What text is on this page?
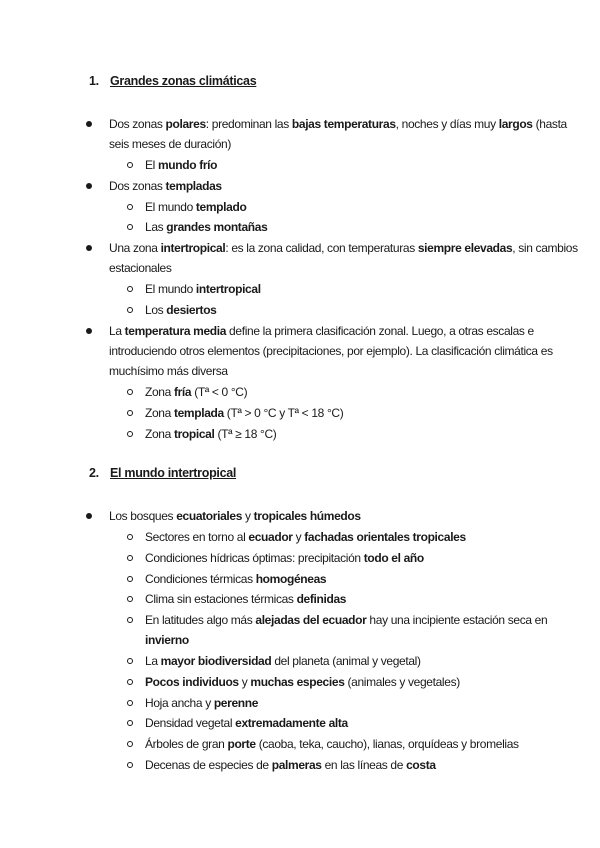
1. Grandes zonas climáticas
Dos zonas polares: predominan las bajas temperaturas, noches y días muy largos (hasta
seis meses de duración)
El mundo frío
Dos zonas templadas
El mundo templado
Las grandes montañas
Una zona intertropical: es la zona calidad, con temperaturas siempre elevadas, sin cambios
estacionales
El mundo intertropical
Los desiertos
La temperatura media define la primera clasificación zonal. Luego, a otras escalas e
introduciendo otros elementos (precipitaciones, por ejemplo). La clasificación climática es
muchísimo más diversa
Zona fría (Tª < 0 °C)
Zona templada (Tª > 0 °C y Tª < 18 °C)
Zona tropical (Tª ≥ 18 °C)
2. El mundo intertropical
Los bosques ecuatoriales y tropicales húmedos
Sectores en torno al ecuador y fachadas orientales tropicales
Condiciones hídricas óptimas: precipitación todo el año
Condiciones térmicas homogéneas
Clima sin estaciones térmicas definidas
En latitudes algo más alejadas del ecuador hay una incipiente estación seca en
invierno
La mayor biodiversidad del planeta (animal y vegetal)
Pocos individuos y muchas especies (animales y vegetales)
Hoja ancha y perenne
Densidad vegetal extremadamente alta
Árboles de gran porte (caoba, teka, caucho), lianas, orquídeas y bromelias
Decenas de especies de palmeras en las líneas de costa
